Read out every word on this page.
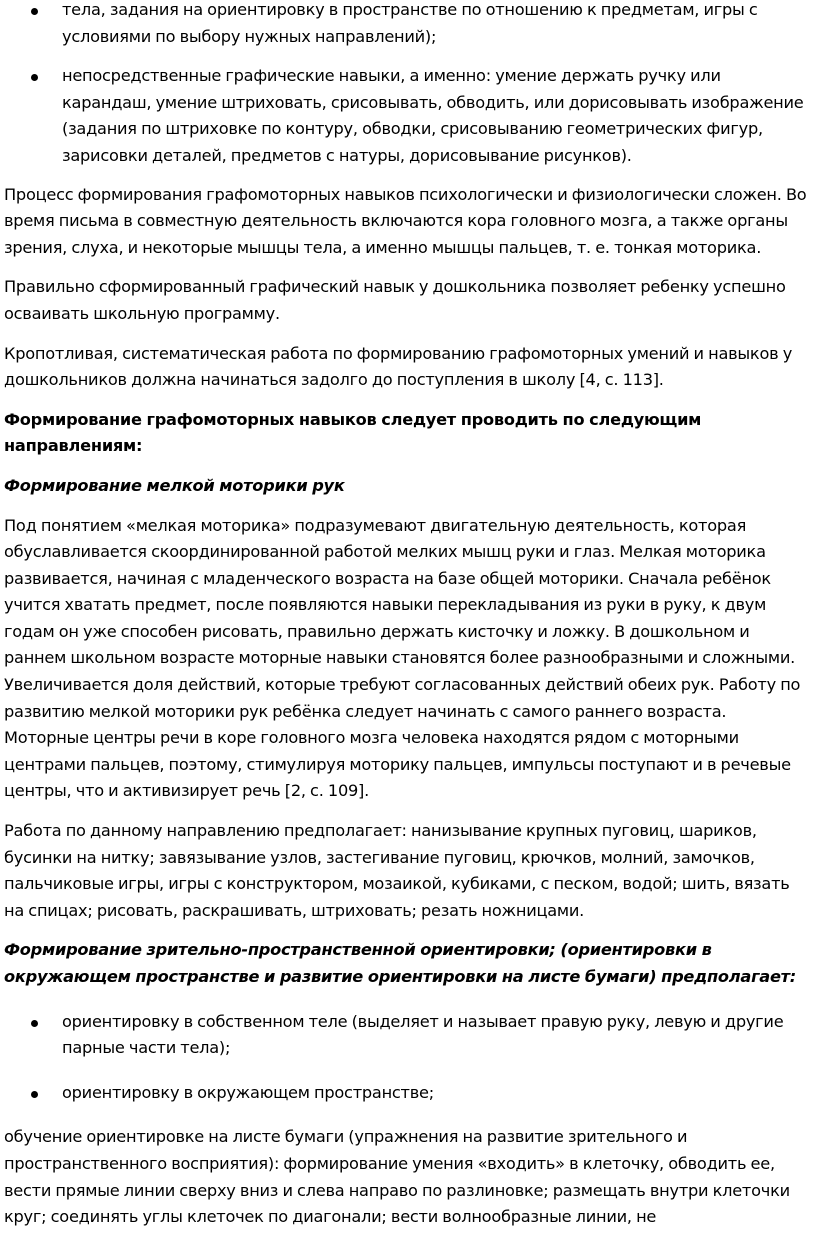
тела, задания на ориентировку в пространстве по отношению к предметам, игры с условиями по выбору нужных направлений);
непосредственные графические навыки, а именно: умение держать ручку или карандаш, умение штриховать, срисовывать, обводить, или дорисовывать изображение (задания по штриховке по контуру, обводки, срисовыванию геометрических фигур, зарисовки деталей, предметов с натуры, дорисовывание рисунков).

Процесс формирования графомоторных навыков психологически и физиологически сложен. Во время письма в совместную деятельность включаются кора головного мозга, а также органы зрения, слуха, и некоторые мышцы тела, а именно мышцы пальцев, т. е. тонкая моторика.

Правильно сформированный графический навык у дошкольника позволяет ребенку успешно осваивать школьную программу.

Кропотливая, систематическая работа по формированию графомоторных умений и навыков у дошкольников должна начинаться задолго до поступления в школу [4, с. 113].

Формирование графомоторных навыков следует проводить по следующим направлениям:

Формирование мелкой моторики рук

Под понятием «мелкая моторика» подразумевают двигательную деятельность, которая обуславливается скоординированной работой мелких мышц руки и глаз. Мелкая моторика развивается, начиная с младенческого возраста на базе общей моторики. Сначала ребёнок учится хватать предмет, после появляются навыки перекладывания из руки в руку, к двум годам он уже способен рисовать, правильно держать кисточку и ложку. В дошкольном и раннем школьном возрасте моторные навыки становятся более разнообразными и сложными. Увеличивается доля действий, которые требуют согласованных действий обеих рук. Работу по развитию мелкой моторики рук ребёнка следует начинать с самого раннего возраста. Моторные центры речи в коре головного мозга человека находятся рядом с моторными центрами пальцев, поэтому, стимулируя моторику пальцев, импульсы поступают и в речевые центры, что и активизирует речь [2, с. 109].

Работа по данному направлению предполагает: нанизывание крупных пуговиц, шариков, бусинки на нитку; завязывание узлов, застегивание пуговиц, крючков, молний, замочков, пальчиковые игры, игры с конструктором, мозаикой, кубиками, с песком, водой; шить, вязать на спицах; рисовать, раскрашивать, штриховать; резать ножницами.

Формирование зрительно-пространственной ориентировки; (ориентировки в окружающем пространстве и развитие ориентировки на листе бумаги) предполагает:

ориентировку в собственном теле (выделяет и называет правую руку, левую и другие парные части тела);
ориентировку в окружающем пространстве;

обучение ориентировке на листе бумаги (упражнения на развитие зрительного и пространственного восприятия): формирование умения «входить» в клеточку, обводить ее, вести прямые линии сверху вниз и слева направо по разлиновке; размещать внутри клеточки круг; соединять углы клеточек по диагонали; вести волнообразные линии, не
